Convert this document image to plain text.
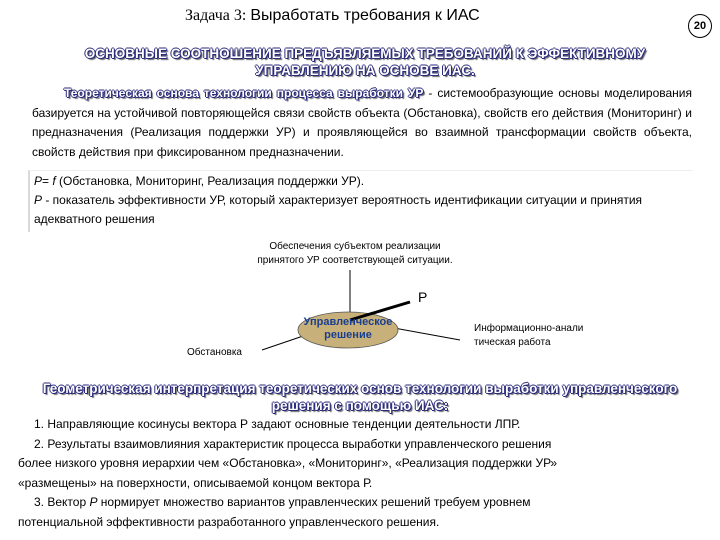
Задача 3: Выработать требования к ИАС
20
ОСНОВНЫЕ СООТНОШЕНИЕ ПРЕДЪЯВЛЯЕМЫХ ТРЕБОВАНИЙ К ЭФФЕКТИВНОМУ
УПРАВЛЕНИЮ НА ОСНОВЕ ИАС.
Теоретическая основа технологии процесса выработки УР - системообразующие основы моделирования базируется на устойчивой повторяющейся связи свойств объекта (Обстановка), свойств его действия (Мониторинг) и предназначения (Реализация поддержки УР) и проявляющейся во взаимной трансформации свойств объекта, свойств действия при фиксированном предназначении.
P= f (Обстановка, Мониторинг, Реализация поддержки УР).
P - показатель эффективности УР, который характеризует вероятность идентификации ситуации и принятия адекватного решения
Обеспечения субъектом реализации
принятого УР соответствующей ситуации.
Информационно-анали
тическая работа
Обстановка
Р
Управленческое
решение
Геометрическая интерпретация теоретических основ технологии выработки управленческого
решения с помощью ИАС:
1. Направляющие косинусы вектора Р задают основные тенденции деятельности ЛПР.
2. Результаты взаимовлияния характеристик процесса выработки управленческого решения
более низкого уровня иерархии чем «Обстановка», «Мониторинг», «Реализация поддержки УР»
«размещены» на поверхности, описываемой концом вектора Р.
3. Вектор Р нормирует множество вариантов управленческих решений требуем уровнем
потенциальной эффективности разработанного управленческого решения.
